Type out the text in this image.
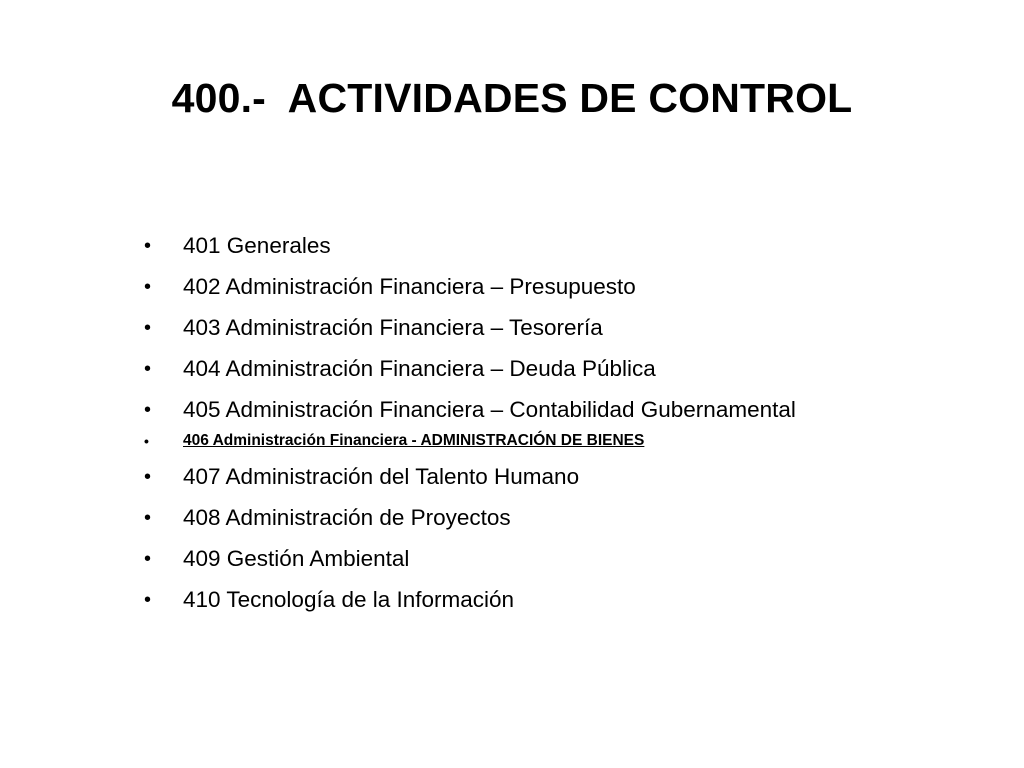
400.-  ACTIVIDADES DE CONTROL
• 401 Generales
• 402 Administración Financiera – Presupuesto
• 403 Administración Financiera – Tesorería
• 404 Administración Financiera – Deuda Pública
• 405 Administración Financiera – Contabilidad Gubernamental
• 406 Administración Financiera - ADMINISTRACIÓN DE BIENES
• 407 Administración del Talento Humano
• 408 Administración de Proyectos
• 409 Gestión Ambiental
• 410 Tecnología de la Información
